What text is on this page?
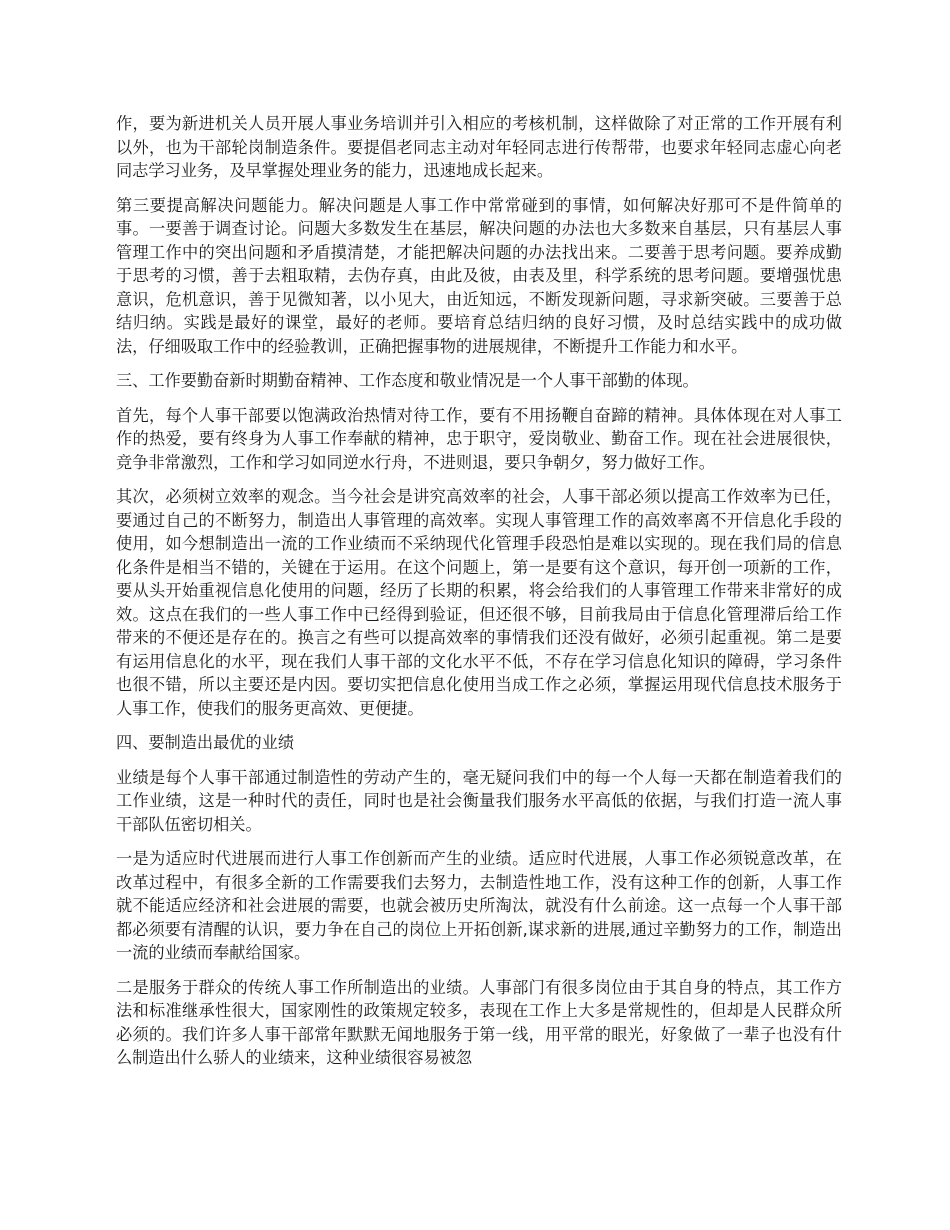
作，要为新进机关人员开展人事业务培训并引入相应的考核机制，这样做除了对正常的工作开展有利以外，也为干部轮岗制造条件。要提倡老同志主动对年轻同志进行传帮带，也要求年轻同志虚心向老同志学习业务，及早掌握处理业务的能力，迅速地成长起来。

第三要提高解决问题能力。解决问题是人事工作中常常碰到的事情，如何解决好那可不是件简单的事。一要善于调查讨论。问题大多数发生在基层，解决问题的办法也大多数来自基层，只有基层人事管理工作中的突出问题和矛盾摸清楚，才能把解决问题的办法找出来。二要善于思考问题。要养成勤于思考的习惯，善于去粗取精，去伪存真，由此及彼，由表及里，科学系统的思考问题。要增强忧患意识，危机意识，善于见微知著，以小见大，由近知远，不断发现新问题，寻求新突破。三要善于总结归纳。实践是最好的课堂，最好的老师。要培育总结归纳的良好习惯，及时总结实践中的成功做法，仔细吸取工作中的经验教训，正确把握事物的进展规律，不断提升工作能力和水平。

三、工作要勤奋新时期勤奋精神、工作态度和敬业情况是一个人事干部勤的体现。

首先，每个人事干部要以饱满政治热情对待工作，要有不用扬鞭自奋蹄的精神。具体体现在对人事工作的热爱，要有终身为人事工作奉献的精神，忠于职守，爱岗敬业、勤奋工作。现在社会进展很快，竞争非常激烈，工作和学习如同逆水行舟，不进则退，要只争朝夕，努力做好工作。

其次，必须树立效率的观念。当今社会是讲究高效率的社会，人事干部必须以提高工作效率为已任，要通过自己的不断努力，制造出人事管理的高效率。实现人事管理工作的高效率离不开信息化手段的使用，如今想制造出一流的工作业绩而不采纳现代化管理手段恐怕是难以实现的。现在我们局的信息化条件是相当不错的，关键在于运用。在这个问题上，第一是要有这个意识，每开创一项新的工作，要从头开始重视信息化使用的问题，经历了长期的积累，将会给我们的人事管理工作带来非常好的成效。这点在我们的一些人事工作中已经得到验证，但还很不够，目前我局由于信息化管理滞后给工作带来的不便还是存在的。换言之有些可以提高效率的事情我们还没有做好，必须引起重视。第二是要有运用信息化的水平，现在我们人事干部的文化水平不低，不存在学习信息化知识的障碍，学习条件也很不错，所以主要还是内因。要切实把信息化使用当成工作之必须，掌握运用现代信息技术服务于人事工作，使我们的服务更高效、更便捷。

四、要制造出最优的业绩

业绩是每个人事干部通过制造性的劳动产生的，毫无疑问我们中的每一个人每一天都在制造着我们的工作业绩，这是一种时代的责任，同时也是社会衡量我们服务水平高低的依据，与我们打造一流人事干部队伍密切相关。

一是为适应时代进展而进行人事工作创新而产生的业绩。适应时代进展，人事工作必须锐意改革，在改革过程中，有很多全新的工作需要我们去努力，去制造性地工作，没有这种工作的创新，人事工作就不能适应经济和社会进展的需要，也就会被历史所淘汰，就没有什么前途。这一点每一个人事干部都必须要有清醒的认识，要力争在自己的岗位上开拓创新,谋求新的进展,通过辛勤努力的工作，制造出一流的业绩而奉献给国家。

二是服务于群众的传统人事工作所制造出的业绩。人事部门有很多岗位由于其自身的特点，其工作方法和标准继承性很大，国家刚性的政策规定较多，表现在工作上大多是常规性的，但却是人民群众所必须的。我们许多人事干部常年默默无闻地服务于第一线，用平常的眼光，好象做了一辈子也没有什么制造出什么骄人的业绩来，这种业绩很容易被忽
